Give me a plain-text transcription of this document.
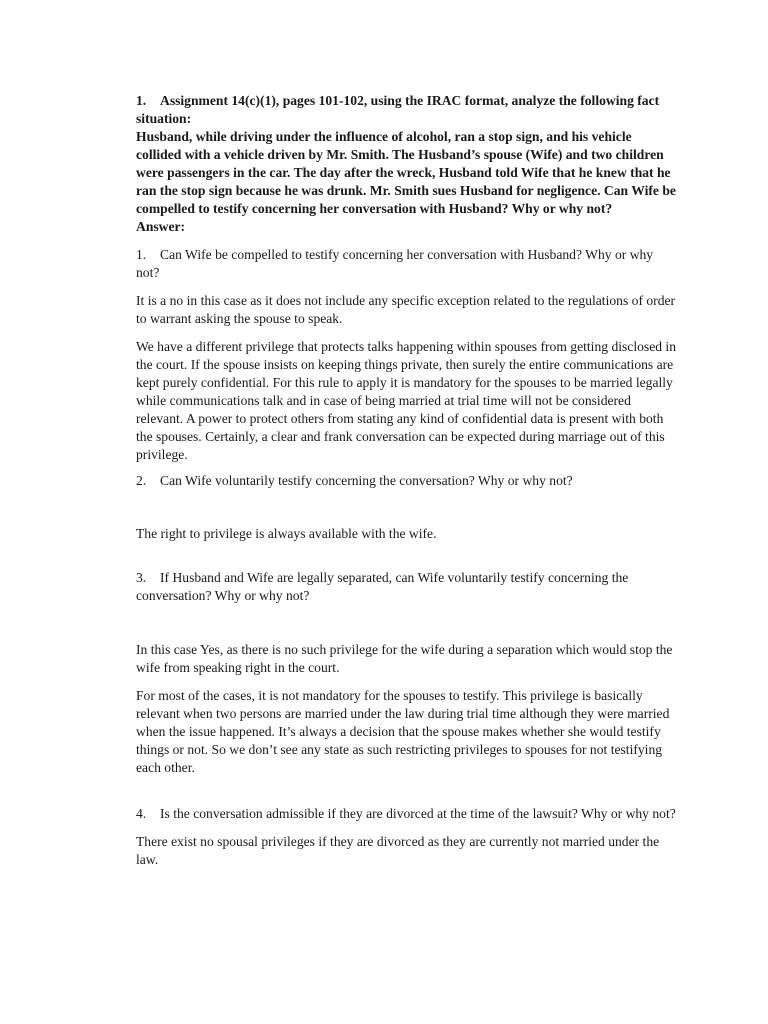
1. Assignment 14(c)(1), pages 101-102, using the IRAC format, analyze the following fact situation:

Husband, while driving under the influence of alcohol, ran a stop sign, and his vehicle collided with a vehicle driven by Mr. Smith. The Husband’s spouse (Wife) and two children were passengers in the car. The day after the wreck, Husband told Wife that he knew that he ran the stop sign because he was drunk. Mr. Smith sues Husband for negligence. Can Wife be compelled to testify concerning her conversation with Husband? Why or why not?

Answer:

1. Can Wife be compelled to testify concerning her conversation with Husband? Why or why not?

It is a no in this case as it does not include any specific exception related to the regulations of order to warrant asking the spouse to speak.

We have a different privilege that protects talks happening within spouses from getting disclosed in the court. If the spouse insists on keeping things private, then surely the entire communications are kept purely confidential. For this rule to apply it is mandatory for the spouses to be married legally while communications talk and in case of being married at trial time will not be considered relevant. A power to protect others from stating any kind of confidential data is present with both the spouses. Certainly, a clear and frank conversation can be expected during marriage out of this privilege.

2. Can Wife voluntarily testify concerning the conversation? Why or why not?

The right to privilege is always available with the wife.

3. If Husband and Wife are legally separated, can Wife voluntarily testify concerning the conversation? Why or why not?

In this case Yes, as there is no such privilege for the wife during a separation which would stop the wife from speaking right in the court.

For most of the cases, it is not mandatory for the spouses to testify. This privilege is basically relevant when two persons are married under the law during trial time although they were married when the issue happened. It’s always a decision that the spouse makes whether she would testify things or not. So we don’t see any state as such restricting privileges to spouses for not testifying each other.

4. Is the conversation admissible if they are divorced at the time of the lawsuit? Why or why not?

There exist no spousal privileges if they are divorced as they are currently not married under the law.
